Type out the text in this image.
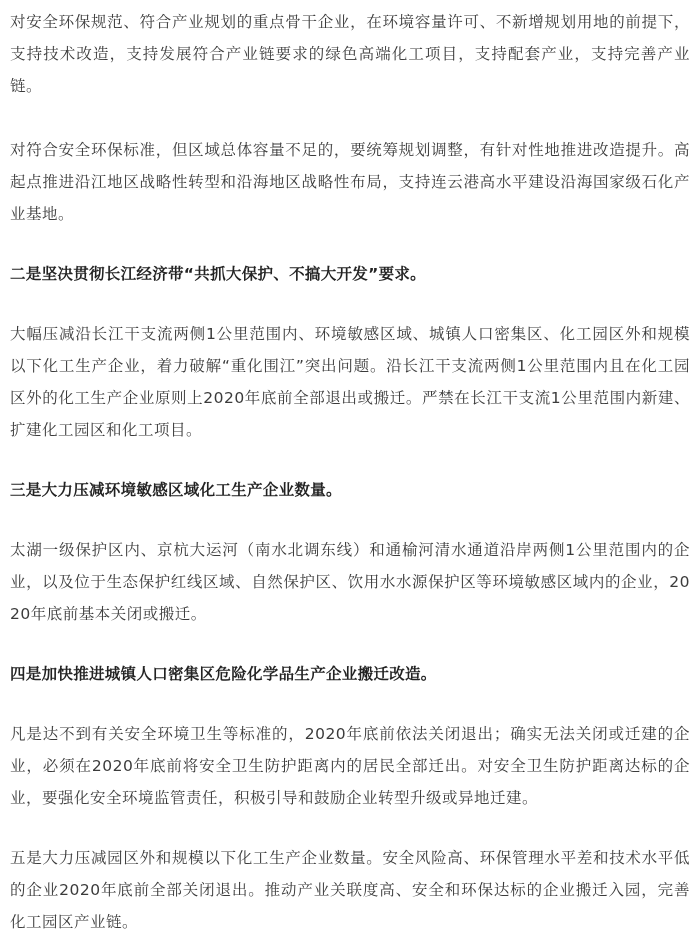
对安全环保规范、符合产业规划的重点骨干企业，在环境容量许可、不新增规划用地的前提下，支持技术改造，支持发展符合产业链要求的绿色高端化工项目，支持配套产业，支持完善产业链。

对符合安全环保标准，但区域总体容量不足的，要统筹规划调整，有针对性地推进改造提升。高起点推进沿江地区战略性转型和沿海地区战略性布局，支持连云港高水平建设沿海国家级石化产业基地。

二是坚决贯彻长江经济带“共抓大保护、不搞大开发”要求。

大幅压减沿长江干支流两侧1公里范围内、环境敏感区域、城镇人口密集区、化工园区外和规模以下化工生产企业，着力破解“重化围江”突出问题。沿长江干支流两侧1公里范围内且在化工园区外的化工生产企业原则上2020年底前全部退出或搬迁。严禁在长江干支流1公里范围内新建、扩建化工园区和化工项目。

三是大力压减环境敏感区域化工生产企业数量。

太湖一级保护区内、京杭大运河（南水北调东线）和通榆河清水通道沿岸两侧1公里范围内的企业，以及位于生态保护红线区域、自然保护区、饮用水水源保护区等环境敏感区域内的企业，2020年底前基本关闭或搬迁。

四是加快推进城镇人口密集区危险化学品生产企业搬迁改造。

凡是达不到有关安全环境卫生等标准的，2020年底前依法关闭退出；确实无法关闭或迁建的企业，必须在2020年底前将安全卫生防护距离内的居民全部迁出。对安全卫生防护距离达标的企业，要强化安全环境监管责任，积极引导和鼓励企业转型升级或异地迁建。

五是大力压减园区外和规模以下化工生产企业数量。安全风险高、环保管理水平差和技术水平低的企业2020年底前全部关闭退出。推动产业关联度高、安全和环保达标的企业搬迁入园，完善化工园区产业链。
